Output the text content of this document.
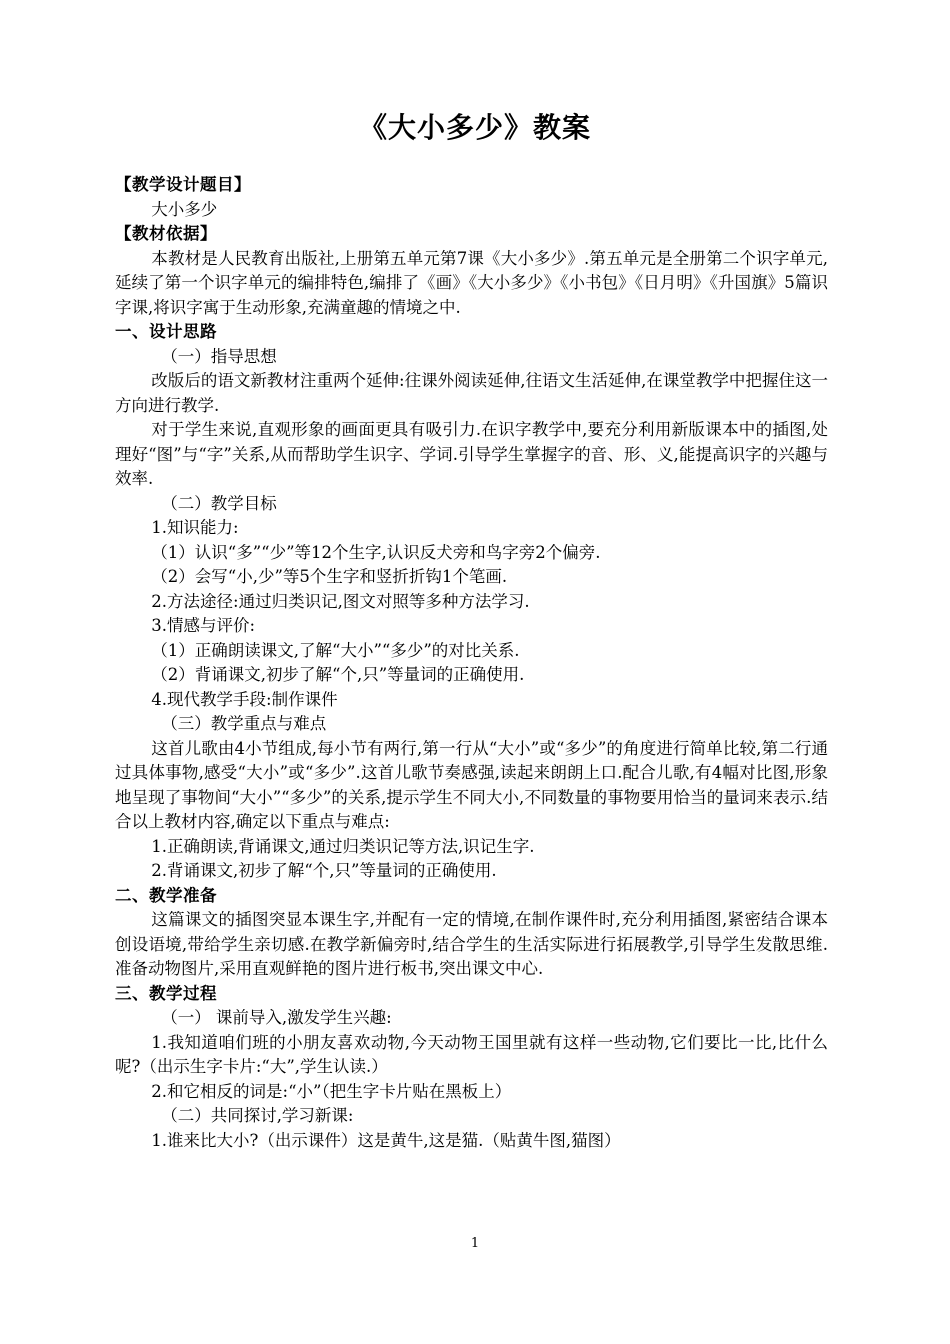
《大小多少》教案

【教学设计题目】

大小多少

【教材依据】

本教材是人民教育出版社,上册第五单元第7课《大小多少》.第五单元是全册第二个识字单元,延续了第一个识字单元的编排特色,编排了《画》《大小多少》《小书包》《日月明》《升国旗》5篇识字课,将识字寓于生动形象,充满童趣的情境之中.

一、设计思路

（一）指导思想

改版后的语文新教材注重两个延伸:往课外阅读延伸,往语文生活延伸,在课堂教学中把握住这一方向进行教学.

对于学生来说,直观形象的画面更具有吸引力.在识字教学中,要充分利用新版课本中的插图,处理好“图”与“字”关系,从而帮助学生识字、学词.引导学生掌握字的音、形、义,能提高识字的兴趣与效率.

（二）教学目标

1.知识能力:

（1）认识“多”“少”等12个生字,认识反犬旁和鸟字旁2个偏旁.

（2）会写“小,少”等5个生字和竖折折钩1个笔画.

2.方法途径:通过归类识记,图文对照等多种方法学习.

3.情感与评价:

（1）正确朗读课文,了解“大小”“多少”的对比关系.

（2）背诵课文,初步了解“个,只”等量词的正确使用.

4.现代教学手段:制作课件

（三）教学重点与难点

这首儿歌由4小节组成,每小节有两行,第一行从“大小”或“多少”的角度进行简单比较,第二行通过具体事物,感受“大小”或“多少”.这首儿歌节奏感强,读起来朗朗上口.配合儿歌,有4幅对比图,形象地呈现了事物间“大小”“多少”的关系,提示学生不同大小,不同数量的事物要用恰当的量词来表示.结合以上教材内容,确定以下重点与难点:

1.正确朗读,背诵课文,通过归类识记等方法,识记生字.

2.背诵课文,初步了解“个,只”等量词的正确使用.

二、教学准备

这篇课文的插图突显本课生字,并配有一定的情境,在制作课件时,充分利用插图,紧密结合课本创设语境,带给学生亲切感.在教学新偏旁时,结合学生的生活实际进行拓展教学,引导学生发散思维.准备动物图片,采用直观鲜艳的图片进行板书,突出课文中心.

三、教学过程

（一） 课前导入,激发学生兴趣:

1.我知道咱们班的小朋友喜欢动物,今天动物王国里就有这样一些动物,它们要比一比,比什么呢?（出示生字卡片:“大”,学生认读.）

2.和它相反的词是:“小”（把生字卡片贴在黑板上）

（二）共同探讨,学习新课:

1.谁来比大小?（出示课件）这是黄牛,这是猫.（贴黄牛图,猫图）

1
